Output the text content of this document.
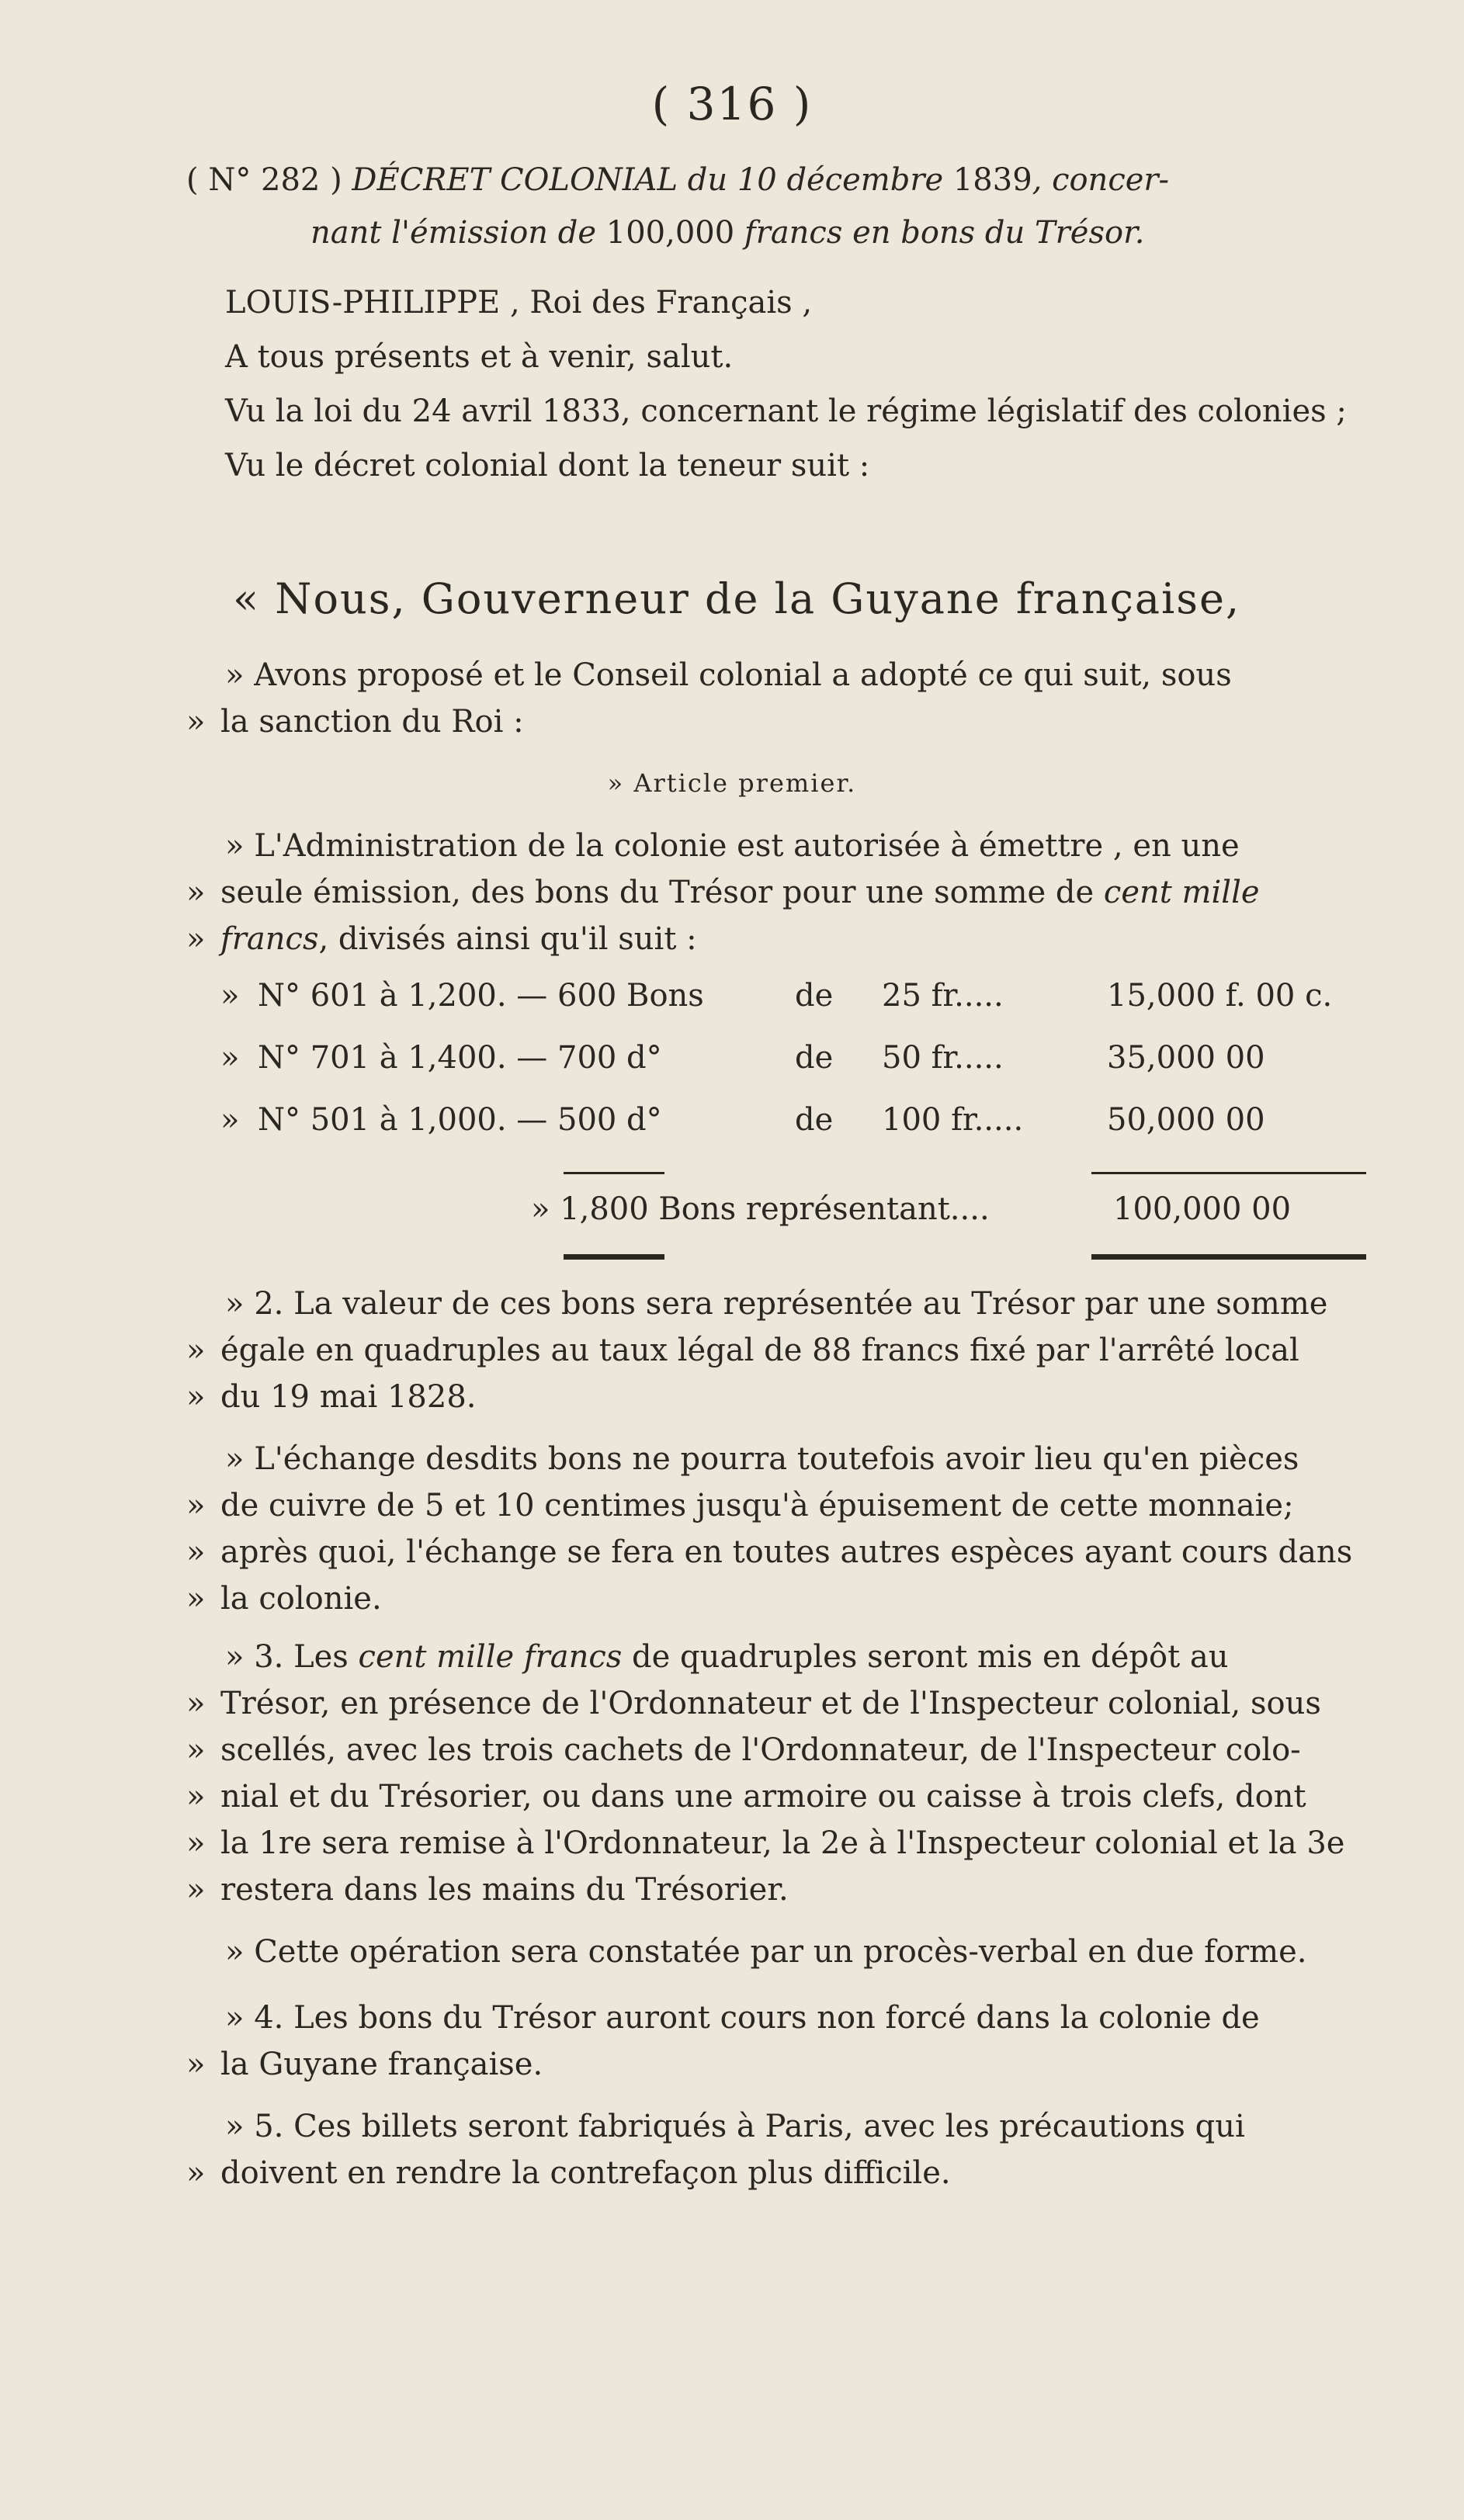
( 316 )
( N° 282 ) DÉCRET COLONIAL du 10 décembre 1839, concer-
nant l'émission de 100,000 francs en bons du Trésor.
LOUIS-PHILIPPE , Roi des Français ,
A tous présents et à venir, salut.
Vu la loi du 24 avril 1833, concernant le régime législatif des colonies ;
Vu le décret colonial dont la teneur suit :
« Nous, Gouverneur de la Guyane française,
» Avons proposé et le Conseil colonial a adopté ce qui suit, sous
» la sanction du Roi :
» Article premier.
» L'Administration de la colonie est autorisée à émettre , en une
» seule émission, des bons du Trésor pour une somme de cent mille
» francs, divisés ainsi qu'il suit :
» N° 601 à 1,200. — 600 Bons	de 25 fr.....	15,000 f. 00 c.
» N° 701 à 1,400. — 700 d°	de 50 fr.....	35,000 00
» N° 501 à 1,000. — 500 d°	de 100 fr.....	50,000 00
» 1,800 Bons représentant....	100,000 00
» 2. La valeur de ces bons sera représentée au Trésor par une somme
» égale en quadruples au taux légal de 88 francs fixé par l'arrêté local
» du 19 mai 1828.
» L'échange desdits bons ne pourra toutefois avoir lieu qu'en pièces
» de cuivre de 5 et 10 centimes jusqu'à épuisement de cette monnaie;
» après quoi, l'échange se fera en toutes autres espèces ayant cours dans
» la colonie.
» 3. Les cent mille francs de quadruples seront mis en dépôt au
» Trésor, en présence de l'Ordonnateur et de l'Inspecteur colonial, sous
» scellés, avec les trois cachets de l'Ordonnateur, de l'Inspecteur colo-
» nial et du Trésorier, ou dans une armoire ou caisse à trois clefs, dont
» la 1re sera remise à l'Ordonnateur, la 2e à l'Inspecteur colonial et la 3e
» restera dans les mains du Trésorier.
» Cette opération sera constatée par un procès-verbal en due forme.
» 4. Les bons du Trésor auront cours non forcé dans la colonie de
» la Guyane française.
» 5. Ces billets seront fabriqués à Paris, avec les précautions qui
» doivent en rendre la contrefaçon plus difficile.
